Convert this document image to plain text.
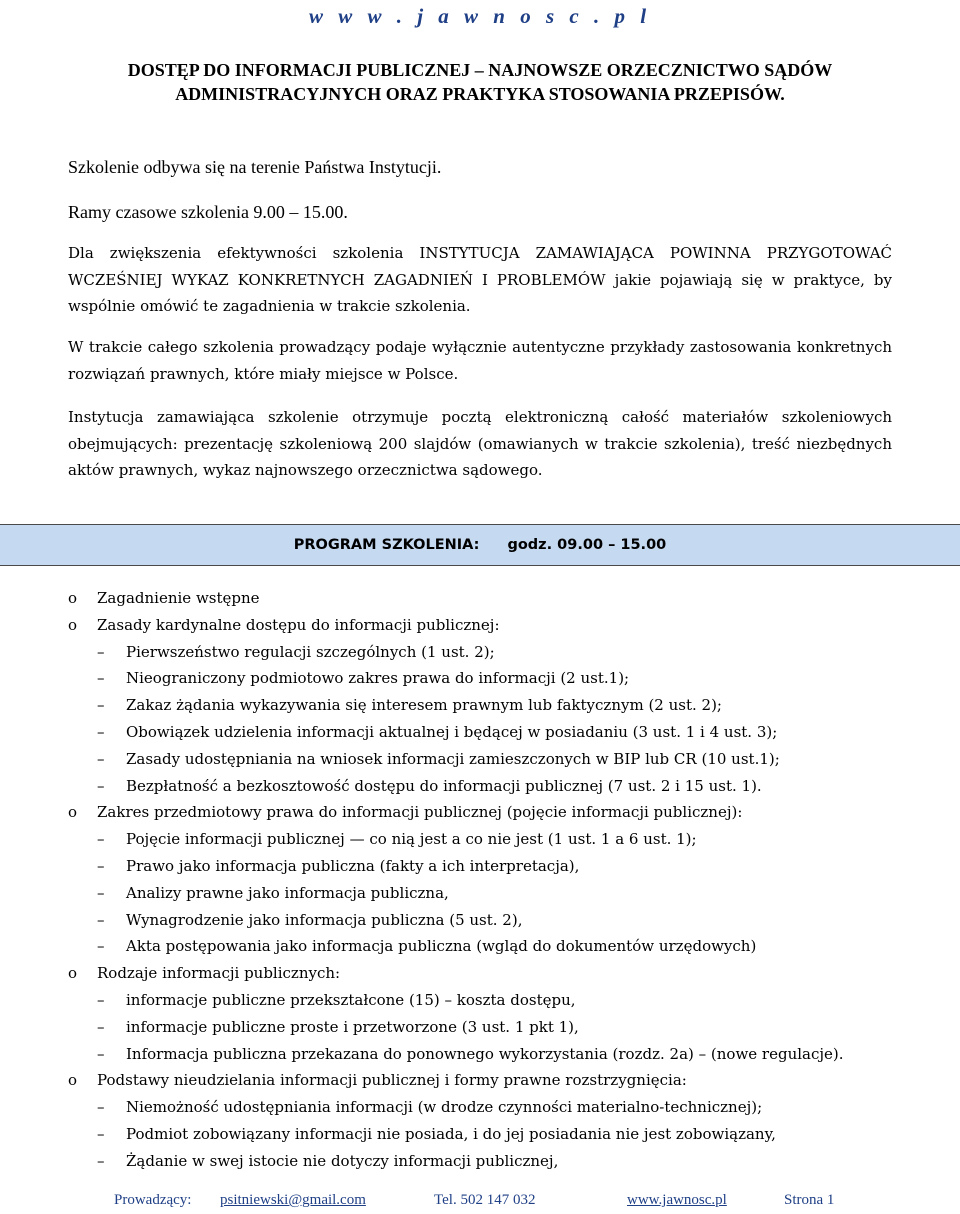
w w w . j a w n o s c . p l
DOSTĘP DO INFORMACJI PUBLICZNEJ – NAJNOWSZE ORZECZNICTWO SĄDÓW
ADMINISTRACYJNYCH ORAZ PRAKTYKA STOSOWANIA PRZEPISÓW.
Szkolenie odbywa się na terenie Państwa Instytucji.
Ramy czasowe szkolenia 9.00 – 15.00.
Dla zwiększenia efektywności szkolenia INSTYTUCJA ZAMAWIAJĄCA POWINNA PRZYGOTOWAĆ WCZEŚNIEJ WYKAZ KONKRETNYCH ZAGADNIEŃ I PROBLEMÓW jakie pojawiają się w praktyce, by wspólnie omówić te zagadnienia w trakcie szkolenia.
W trakcie całego szkolenia prowadzący podaje wyłącznie autentyczne przykłady zastosowania konkretnych rozwiązań prawnych, które miały miejsce w Polsce.
Instytucja zamawiająca szkolenie otrzymuje pocztą elektroniczną całość materiałów szkoleniowych obejmujących: prezentację szkoleniową 200 slajdów (omawianych w trakcie szkolenia), treść niezbędnych aktów prawnych, wykaz najnowszego orzecznictwa sądowego.
PROGRAM SZKOLENIA: godz. 09.00 – 15.00
o Zagadnienie wstępne
o Zasady kardynalne dostępu do informacji publicznej:
– Pierwszeństwo regulacji szczególnych (1 ust. 2);
– Nieograniczony podmiotowo zakres prawa do informacji (2 ust.1);
– Zakaz żądania wykazywania się interesem prawnym lub faktycznym (2 ust. 2);
– Obowiązek udzielenia informacji aktualnej i będącej w posiadaniu (3 ust. 1 i 4 ust. 3);
– Zasady udostępniania na wniosek informacji zamieszczonych w BIP lub CR (10 ust.1);
– Bezpłatność a bezkosztowość dostępu do informacji publicznej (7 ust. 2 i 15 ust. 1).
o Zakres przedmiotowy prawa do informacji publicznej (pojęcie informacji publicznej):
– Pojęcie informacji publicznej — co nią jest a co nie jest (1 ust. 1 a 6 ust. 1);
– Prawo jako informacja publiczna (fakty a ich interpretacja),
– Analizy prawne jako informacja publiczna,
– Wynagrodzenie jako informacja publiczna (5 ust. 2),
– Akta postępowania jako informacja publiczna (wgląd do dokumentów urzędowych)
o Rodzaje informacji publicznych:
– informacje publiczne przekształcone (15) – koszta dostępu,
– informacje publiczne proste i przetworzone (3 ust. 1 pkt 1),
– Informacja publiczna przekazana do ponownego wykorzystania (rozdz. 2a) – (nowe regulacje).
o Podstawy nieudzielania informacji publicznej i formy prawne rozstrzygnięcia:
– Niemożność udostępniania informacji (w drodze czynności materialno-technicznej);
– Podmiot zobowiązany informacji nie posiada, i do jej posiadania nie jest zobowiązany,
– Żądanie w swej istocie nie dotyczy informacji publicznej,
Prowadzący: psitniewski@gmail.com	Tel. 502 147 032	www.jawnosc.pl	Strona 1
